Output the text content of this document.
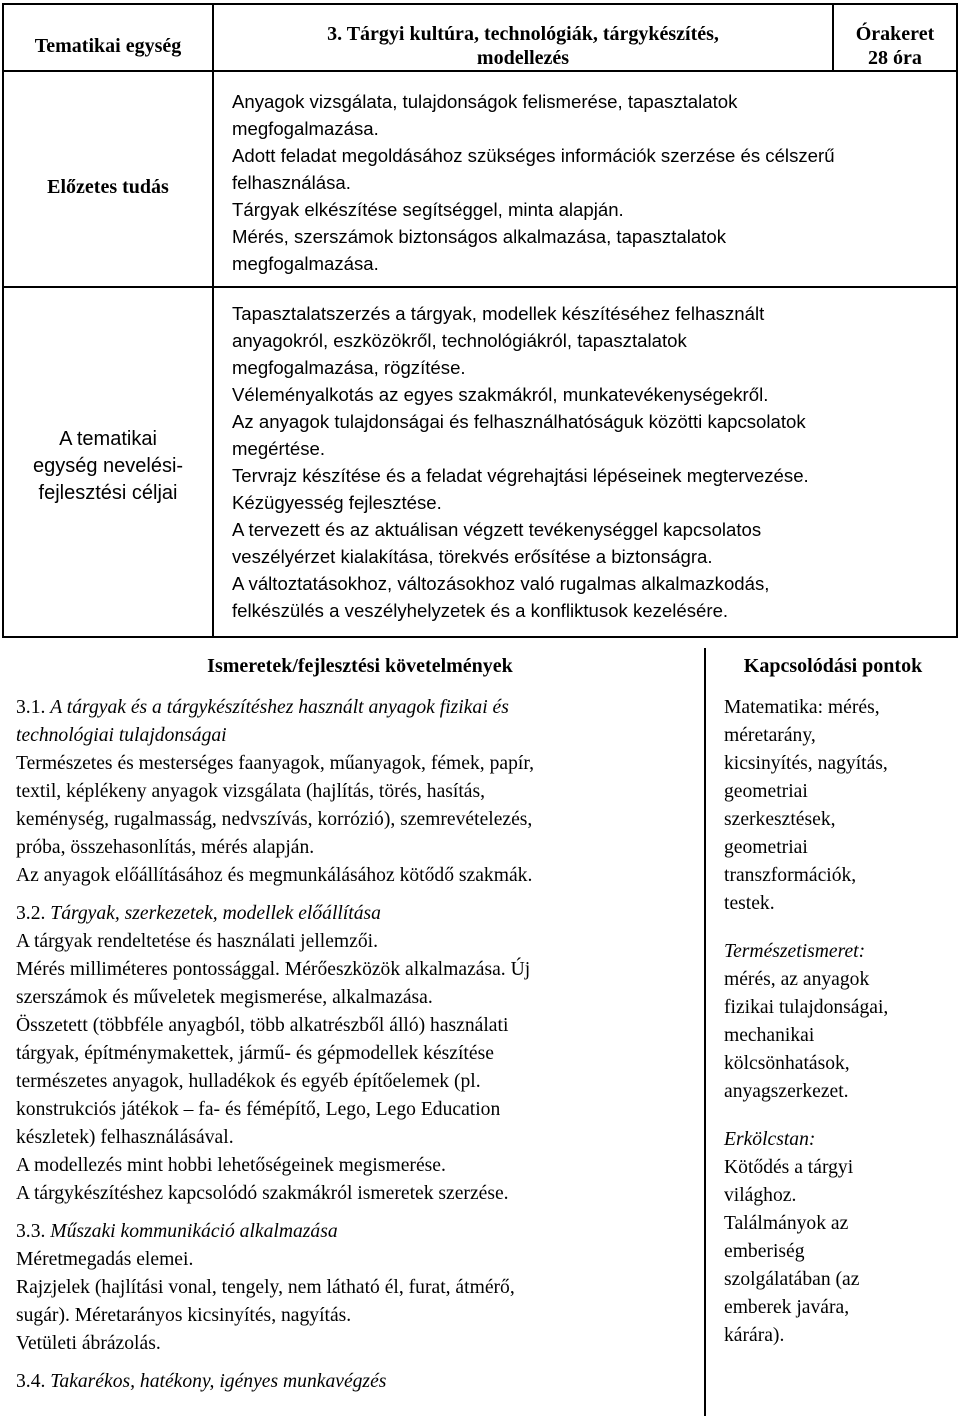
Tematikai egység
3. Tárgyi kultúra, technológiák, tárgykészítés,
modellezés
Órakeret
28 óra
Előzetes tudás
Anyagok vizsgálata, tulajdonságok felismerése, tapasztalatok
megfogalmazása.
Adott feladat megoldásához szükséges információk szerzése és célszerű
felhasználása.
Tárgyak elkészítése segítséggel, minta alapján.
Mérés, szerszámok biztonságos alkalmazása, tapasztalatok
megfogalmazása.
A tematikai
egység nevelési-
fejlesztési céljai
Tapasztalatszerzés a tárgyak, modellek készítéséhez felhasznált
anyagokról, eszközökről, technológiákról, tapasztalatok
megfogalmazása, rögzítése.
Véleményalkotás az egyes szakmákról, munkatevékenységekről.
Az anyagok tulajdonságai és felhasználhatóságuk közötti kapcsolatok
megértése.
Tervrajz készítése és a feladat végrehajtási lépéseinek megtervezése.
Kézügyesség fejlesztése.
A tervezett és az aktuálisan végzett tevékenységgel kapcsolatos
veszélyérzet kialakítása, törekvés erősítése a biztonságra.
A változtatásokhoz, változásokhoz való rugalmas alkalmazkodás,
felkészülés a veszélyhelyzetek és a konfliktusok kezelésére.
Ismeretek/fejlesztési követelmények	Kapcsolódási pontok
3.1. A tárgyak és a tárgykészítéshez használt anyagok fizikai és
technológiai tulajdonságai
Természetes és mesterséges faanyagok, műanyagok, fémek, papír,
textil, képlékeny anyagok vizsgálata (hajlítás, törés, hasítás,
keménység, rugalmasság, nedvszívás, korrózió), szemrevételezés,
próba, összehasonlítás, mérés alapján.
Az anyagok előállításához és megmunkálásához kötődő szakmák.
3.2. Tárgyak, szerkezetek, modellek előállítása
A tárgyak rendeltetése és használati jellemzői.
Mérés milliméteres pontossággal. Mérőeszközök alkalmazása. Új
szerszámok és műveletek megismerése, alkalmazása.
Összetett (többféle anyagból, több alkatrészből álló) használati
tárgyak, építménymakettek, jármű- és gépmodellek készítése
természetes anyagok, hulladékok és egyéb építőelemek (pl.
konstrukciós játékok – fa- és fémépítő, Lego, Lego Education
készletek) felhasználásával.
A modellezés mint hobbi lehetőségeinek megismerése.
A tárgykészítéshez kapcsolódó szakmákról ismeretek szerzése.
3.3. Műszaki kommunikáció alkalmazása
Méretmegadás elemei.
Rajzjelek (hajlítási vonal, tengely, nem látható él, furat, átmérő,
sugár). Méretarányos kicsinyítés, nagyítás.
Vetületi ábrázolás.
3.4. Takarékos, hatékony, igényes munkavégzés
Matematika: mérés,
méretarány,
kicsinyítés, nagyítás,
geometriai
szerkesztések,
geometriai
transzformációk,
testek.
Természetismeret:
mérés, az anyagok
fizikai tulajdonságai,
mechanikai
kölcsönhatások,
anyagszerkezet.
Erkölcstan:
Kötődés a tárgyi
világhoz.
Találmányok az
emberiség
szolgálatában (az
emberek javára,
kárára).
